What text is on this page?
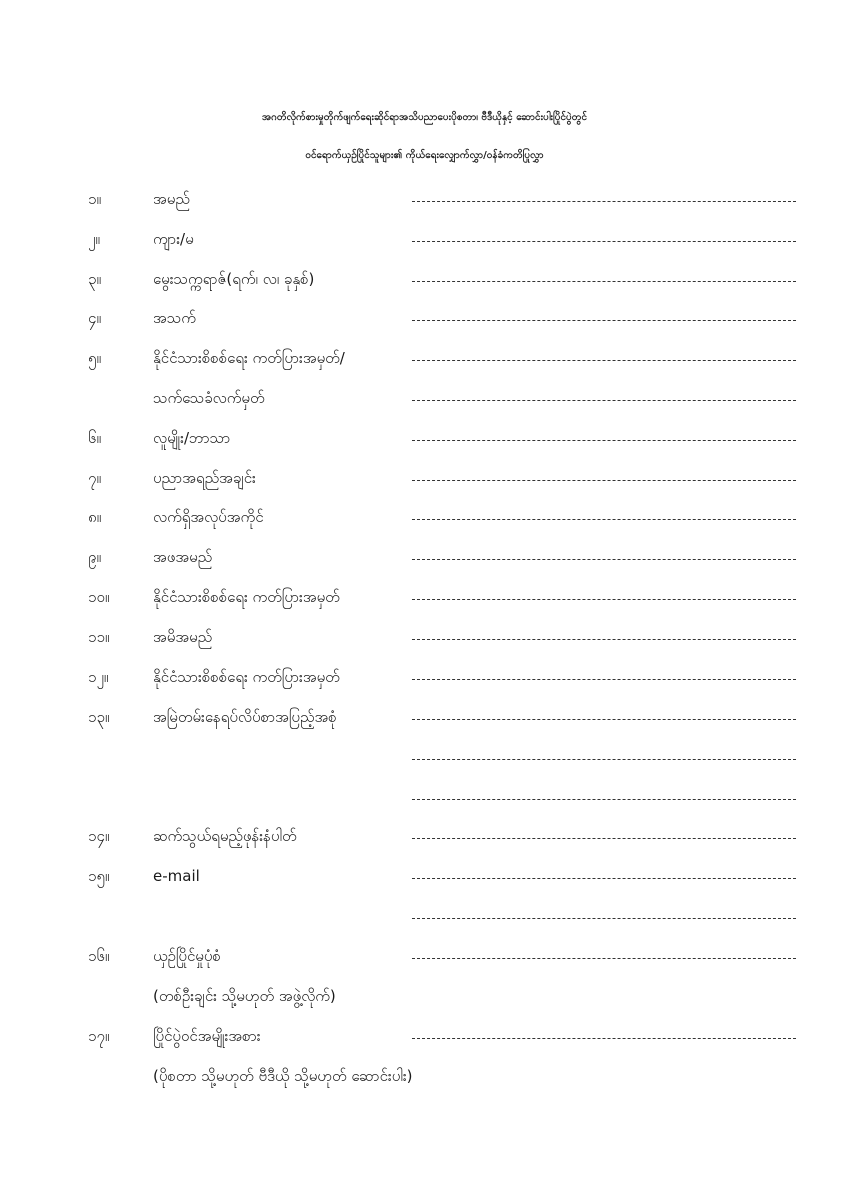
အဂတိလိုက်စားမှုတိုက်ဖျက်ရေးဆိုင်ရာအသိပညာပေးပိုစတာ၊ ဗီဒီယိုနှင့် ဆောင်းပါးပြိုင်ပွဲတွင်
ဝင်ရောက်ယှဉ်ပြိုင်သူများ၏ ကိုယ်ရေးလျှောက်လွှာ/ဝန်ခံကတိပြုလွှာ
၁။	အမည်
၂။	ကျား/မ
၃။	မွေးသက္ကရာဇ်(ရက်၊ လ၊ ခုနှစ်)
၄။	အသက်
၅။	နိုင်ငံသားစိစစ်ရေး ကတ်ပြားအမှတ်/
သက်သေခံလက်မှတ်
၆။	လူမျိုး/ဘာသာ
၇။	ပညာအရည်အချင်း
၈။	လက်ရှိအလုပ်အကိုင်
၉။	အဖအမည်
၁၀။	နိုင်ငံသားစိစစ်ရေး ကတ်ပြားအမှတ်
၁၁။	အမိအမည်
၁၂။	နိုင်ငံသားစိစစ်ရေး ကတ်ပြားအမှတ်
၁၃။	အမြဲတမ်းနေရပ်လိပ်စာအပြည့်အစုံ
၁၄။	ဆက်သွယ်ရမည့်ဖုန်းနံပါတ်
၁၅။	e-mail
၁၆။	ယှဉ်ပြိုင်မှုပုံစံ
(တစ်ဦးချင်း သို့မဟုတ် အဖွဲ့လိုက်)
၁၇။	ပြိုင်ပွဲဝင်အမျိုးအစား
(ပိုစတာ သို့မဟုတ် ဗီဒီယို သို့မဟုတ် ဆောင်းပါး)
